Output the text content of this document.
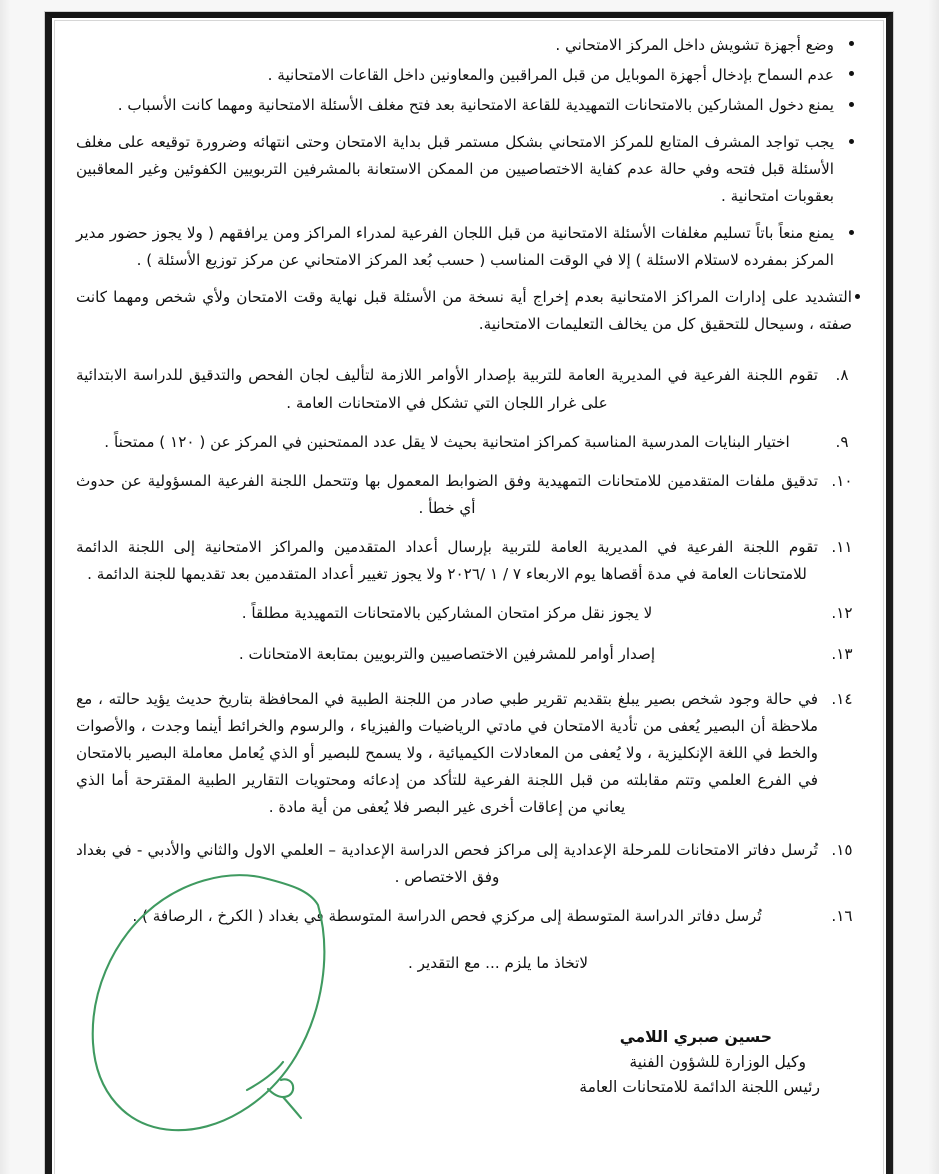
وضع أجهزة تشويش داخل المركز الامتحاني .
عدم السماح بإدخال أجهزة الموبايل من قبل المراقبين والمعاونين داخل القاعات الامتحانية .
يمنع دخول المشاركين بالامتحانات التمهيدية للقاعة الامتحانية بعد فتح مغلف الأسئلة الامتحانية ومهما كانت الأسباب .
يجب تواجد المشرف المتابع للمركز الامتحاني بشكل مستمر قبل بداية الامتحان وحتى انتهائه وضرورة توقيعه على مغلف الأسئلة قبل فتحه وفي حالة عدم كفاية الاختصاصيين من الممكن الاستعانة بالمشرفين التربويين الكفوئين وغير المعاقبين بعقوبات امتحانية .
يمنع منعاً باتاً تسليم مغلفات الأسئلة الامتحانية من قبل اللجان الفرعية لمدراء المراكز ومن يرافقهم ( ولا يجوز حضور مدير المركز بمفرده لاستلام الاسئلة ) إلا في الوقت المناسب ( حسب بُعد المركز الامتحاني عن مركز توزيع الأسئلة ) .
التشديد على إدارات المراكز الامتحانية بعدم إخراج أية نسخة من الأسئلة قبل نهاية وقت الامتحان ولأي شخص ومهما كانت صفته ، وسيحال للتحقيق كل من يخالف التعليمات الامتحانية.
٨.
تقوم اللجنة الفرعية في المديرية العامة للتربية بإصدار الأوامر اللازمة لتأليف لجان الفحص والتدقيق للدراسة الابتدائية على غرار اللجان التي تشكل في الامتحانات العامة .
٩.
اختيار البنايات المدرسية المناسبة كمراكز امتحانية بحيث لا يقل عدد الممتحنين في المركز عن ( ١٢٠ ) ممتحناً .
١٠.
تدقيق ملفات المتقدمين للامتحانات التمهيدية وفق الضوابط المعمول بها وتتحمل اللجنة الفرعية المسؤولية عن حدوث أي خطأ .
١١.
تقوم اللجنة الفرعية في المديرية العامة للتربية بإرسال أعداد المتقدمين والمراكز الامتحانية إلى اللجنة الدائمة للامتحانات العامة في مدة أقصاها يوم الاربعاء ٧ / ١ /٢٠٢٦ ولا يجوز تغيير أعداد المتقدمين بعد تقديمها للجنة الدائمة .
١٢.
لا يجوز نقل مركز امتحان المشاركين بالامتحانات التمهيدية مطلقاً .
١٣.
إصدار أوامر للمشرفين الاختصاصيين والتربويين بمتابعة الامتحانات .
١٤.
في حالة وجود شخص بصير يبلغ بتقديم تقرير طبي صادر من اللجنة الطبية في المحافظة بتاريخ حديث يؤيد حالته ، مع ملاحظة أن البصير يُعفى من تأدية الامتحان في مادتي الرياضيات والفيزياء ، والرسوم والخرائط أينما وجدت ، والأصوات والخط في اللغة الإنكليزية ، ولا يُعفى من المعادلات الكيميائية ، ولا يسمح للبصير أو الذي يُعامل معاملة البصير بالامتحان في الفرع العلمي وتتم مقابلته من قبل اللجنة الفرعية للتأكد من إدعائه ومحتويات التقارير الطبية المقترحة أما الذي يعاني من إعاقات أخرى غير البصر فلا يُعفى من أية مادة .
١٥.
تُرسل دفاتر الامتحانات للمرحلة الإعدادية إلى مراكز فحص الدراسة الإعدادية – العلمي الاول والثاني والأدبي - في بغداد وفق الاختصاص .
١٦.
تُرسل دفاتر الدراسة المتوسطة إلى مركزي فحص الدراسة المتوسطة في بغداد ( الكرخ ، الرصافة ) .
لاتخاذ ما يلزم ... مع التقدير .
حسين صبري اللامي
وكيل الوزارة للشؤون الفنية
رئيس اللجنة الدائمة للامتحانات العامة
